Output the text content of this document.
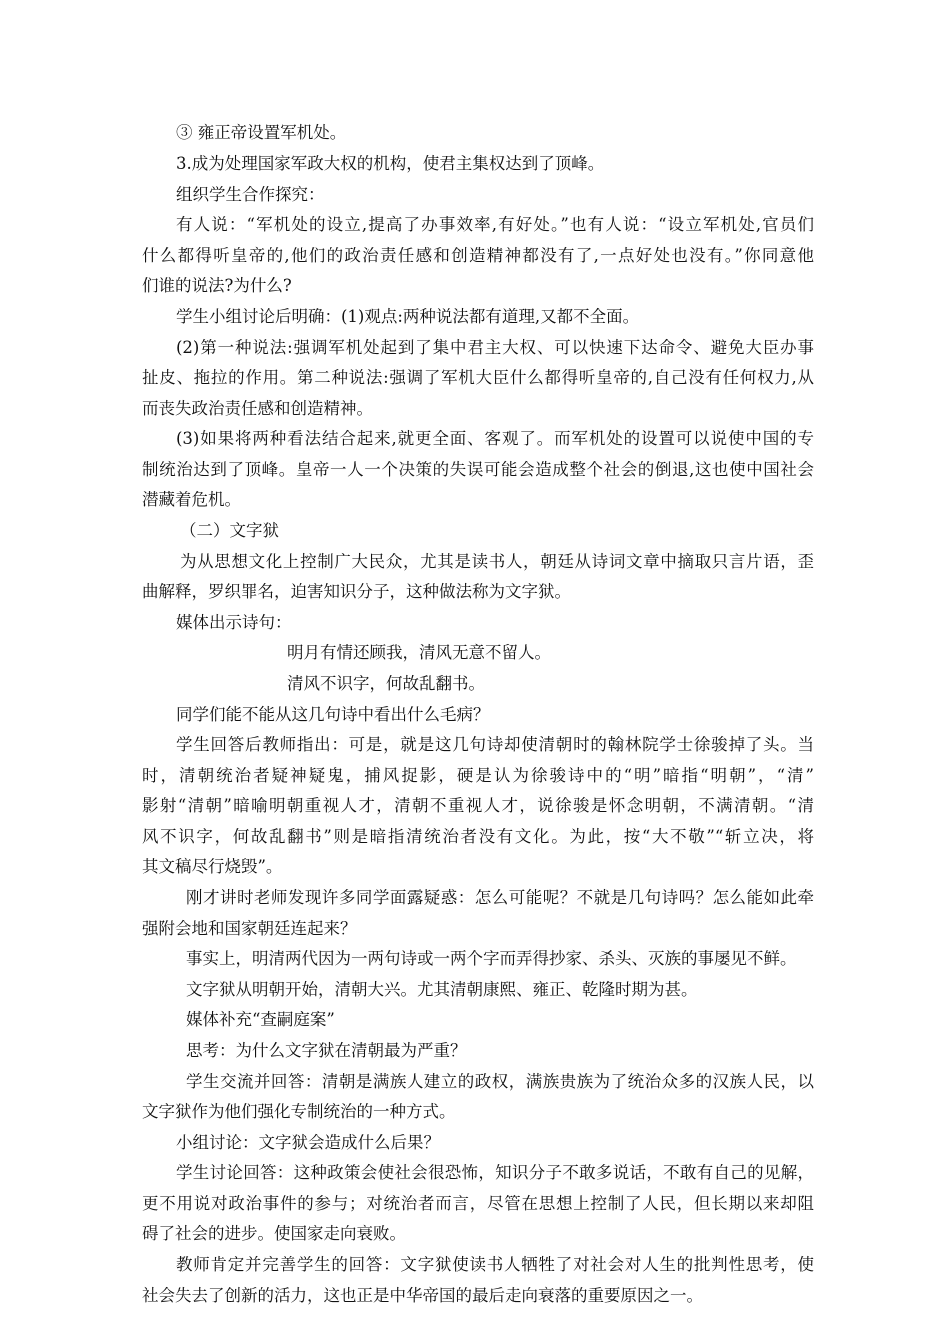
③ 雍正帝设置军机处。
3.成为处理国家军政大权的机构，使君主集权达到了顶峰。
组织学生合作探究：
有人说：“军机处的设立,提高了办事效率,有好处。”也有人说：“设立军机处,官员们
什么都得听皇帝的,他们的政治责任感和创造精神都没有了,一点好处也没有。”你同意他
们谁的说法?为什么?
学生小组讨论后明确：(1)观点:两种说法都有道理,又都不全面。
(2)第一种说法:强调军机处起到了集中君主大权、可以快速下达命令、避免大臣办事
扯皮、拖拉的作用。第二种说法:强调了军机大臣什么都得听皇帝的,自己没有任何权力,从
而丧失政治责任感和创造精神。
(3)如果将两种看法结合起来,就更全面、客观了。而军机处的设置可以说使中国的专
制统治达到了顶峰。皇帝一人一个决策的失误可能会造成整个社会的倒退,这也使中国社会
潜藏着危机。
（二）文字狱
为从思想文化上控制广大民众，尤其是读书人，朝廷从诗词文章中摘取只言片语，歪
曲解释，罗织罪名，迫害知识分子，这种做法称为文字狱。
媒体出示诗句：
明月有情还顾我，清风无意不留人。
清风不识字，何故乱翻书。
同学们能不能从这几句诗中看出什么毛病？
学生回答后教师指出：可是，就是这几句诗却使清朝时的翰林院学士徐骏掉了头。当
时，清朝统治者疑神疑鬼，捕风捉影，硬是认为徐骏诗中的“明”暗指“明朝”，“清”
影射“清朝”暗喻明朝重视人才，清朝不重视人才，说徐骏是怀念明朝，不满清朝。“清
风不识字，何故乱翻书”则是暗指清统治者没有文化。为此，按“大不敬”“斩立决，将
其文稿尽行烧毁”。
刚才讲时老师发现许多同学面露疑惑：怎么可能呢？不就是几句诗吗？怎么能如此牵
强附会地和国家朝廷连起来？
事实上，明清两代因为一两句诗或一两个字而弄得抄家、杀头、灭族的事屡见不鲜。
文字狱从明朝开始，清朝大兴。尤其清朝康熙、雍正、乾隆时期为甚。
媒体补充“查嗣庭案”
思考：为什么文字狱在清朝最为严重？
学生交流并回答：清朝是满族人建立的政权，满族贵族为了统治众多的汉族人民，以
文字狱作为他们强化专制统治的一种方式。
小组讨论：文字狱会造成什么后果？
学生讨论回答：这种政策会使社会很恐怖，知识分子不敢多说话，不敢有自己的见解，
更不用说对政治事件的参与；对统治者而言，尽管在思想上控制了人民，但长期以来却阻
碍了社会的进步。使国家走向衰败。
教师肯定并完善学生的回答：文字狱使读书人牺牲了对社会对人生的批判性思考，使
社会失去了创新的活力，这也正是中华帝国的最后走向衰落的重要原因之一。
